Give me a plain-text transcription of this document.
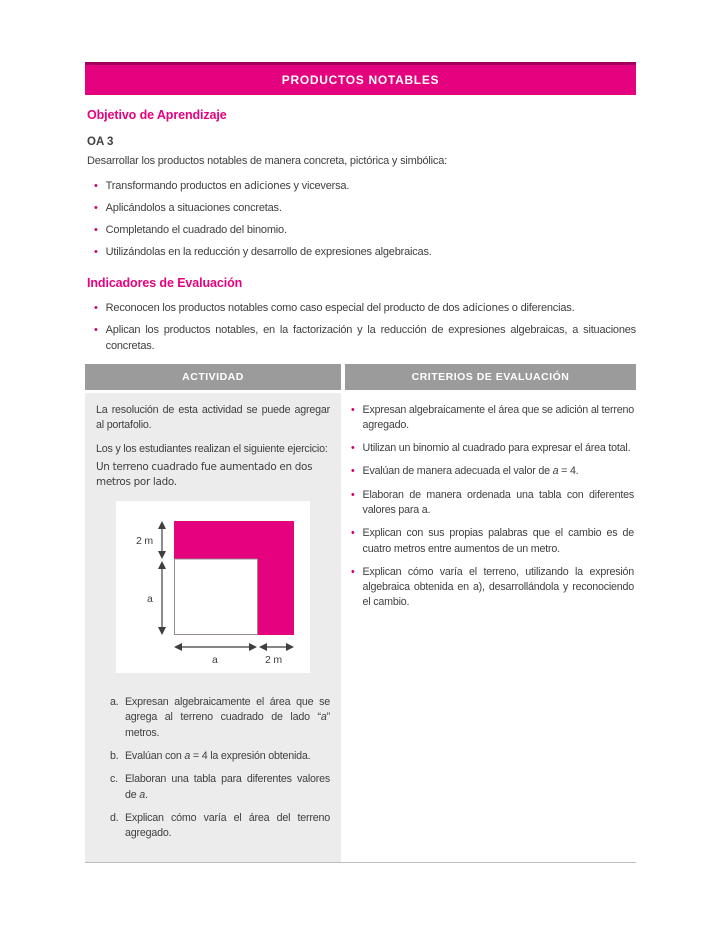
PRODUCTOS NOTABLES
Objetivo de Aprendizaje
OA 3

Desarrollar los productos notables de manera concreta, pictórica y simbólica:

• Transformando productos en adiciones y viceversa.
• Aplicándolos a situaciones concretas.
• Completando el cuadrado del binomio.
• Utilizándolas en la reducción y desarrollo de expresiones algebraicas.
Indicadores de Evaluación
• Reconocen los productos notables como caso especial del producto de dos adiciones o diferencias.
• Aplican los productos notables, en la factorización y la reducción de expresiones algebraicas, a situaciones concretas.
ACTIVIDAD	CRITERIOS DE EVALUACIÓN

La resolución de esta actividad se puede agregar al portafolio.

Los y los estudiantes realizan el siguiente ejercicio:

Un terreno cuadrado fue aumentado en dos metros por lado.

2 m
a
a	2 m
a. Expresan algebraicamente el área que se agrega al terreno cuadrado de lado “a” metros.
b. Evalúan con a = 4 la expresión obtenida.
c. Elaboran una tabla para diferentes valores de a.
d. Explican cómo varía el área del terreno agregado.
• Expresan algebraicamente el área que se adición al terreno agregado.
• Utilizan un binomio al cuadrado para expresar el área total.
• Evalúan de manera adecuada el valor de a = 4.
• Elaboran de manera ordenada una tabla con diferentes valores para a.
• Explican con sus propias palabras que el cambio es de cuatro metros entre aumentos de un metro.
• Explican cómo varía el terreno, utilizando la expresión algebraica obtenida en a), desarrollándola y reconociendo el cambio.
